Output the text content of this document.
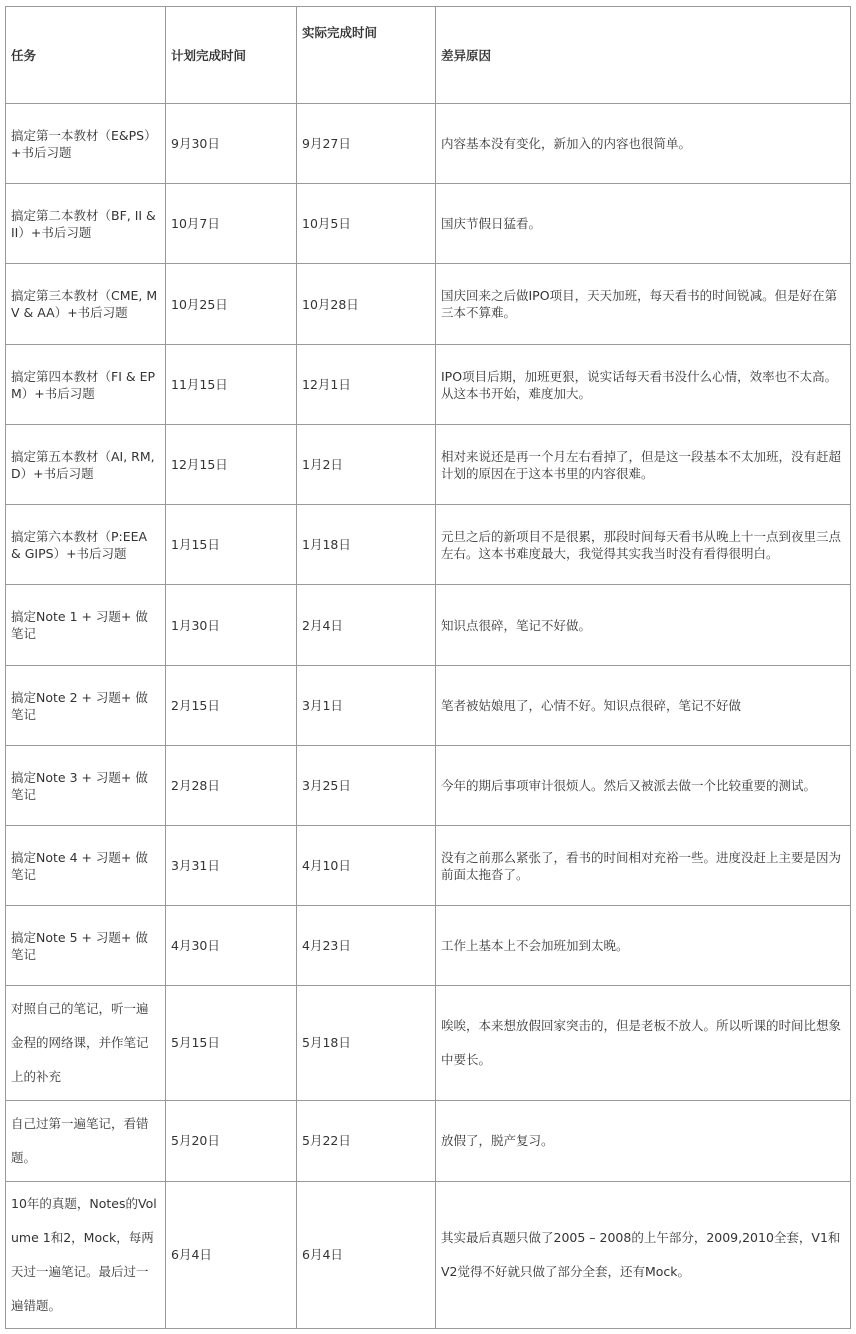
任务	计划完成时间	实际完成时间	差异原因
搞定第一本教材（E&PS）+书后习题	9月30日	9月27日	内容基本没有变化，新加入的内容也很简单。
搞定第二本教材（BF, II & II）+书后习题	10月7日	10月5日	国庆节假日猛看。
搞定第三本教材（CME, MV & AA）+书后习题	10月25日	10月28日	国庆回来之后做IPO项目，天天加班，每天看书的时间锐减。但是好在第三本不算难。
搞定第四本教材（FI & EPM）+书后习题	11月15日	12月1日	IPO项目后期，加班更狠，说实话每天看书没什么心情，效率也不太高。从这本书开始，难度加大。
搞定第五本教材（AI, RM, D）+书后习题	12月15日	1月2日	相对来说还是再一个月左右看掉了，但是这一段基本不太加班，没有赶超计划的原因在于这本书里的内容很难。
搞定第六本教材（P:EEA & GIPS）+书后习题	1月15日	1月18日	元旦之后的新项目不是很累，那段时间每天看书从晚上十一点到夜里三点左右。这本书难度最大，我觉得其实我当时没有看得很明白。
搞定Note 1 + 习题+ 做笔记	1月30日	2月4日	知识点很碎，笔记不好做。
搞定Note 2 + 习题+ 做笔记	2月15日	3月1日	笔者被姑娘甩了，心情不好。知识点很碎，笔记不好做
搞定Note 3 + 习题+ 做笔记	2月28日	3月25日	今年的期后事项审计很烦人。然后又被派去做一个比较重要的测试。
搞定Note 4 + 习题+ 做笔记	3月31日	4月10日	没有之前那么紧张了，看书的时间相对充裕一些。进度没赶上主要是因为前面太拖沓了。
搞定Note 5 + 习题+ 做笔记	4月30日	4月23日	工作上基本上不会加班加到太晚。
对照自己的笔记，听一遍金程的网络课，并作笔记上的补充	5月15日	5月18日	唉唉，本来想放假回家突击的，但是老板不放人。所以听课的时间比想象中要长。
自己过第一遍笔记，看错题。	5月20日	5月22日	放假了，脱产复习。
10年的真题，Notes的Volume 1和2，Mock，每两天过一遍笔记。最后过一遍错题。	6月4日	6月4日	其实最后真题只做了2005 – 2008的上午部分，2009,2010全套，V1和V2觉得不好就只做了部分全套，还有Mock。
